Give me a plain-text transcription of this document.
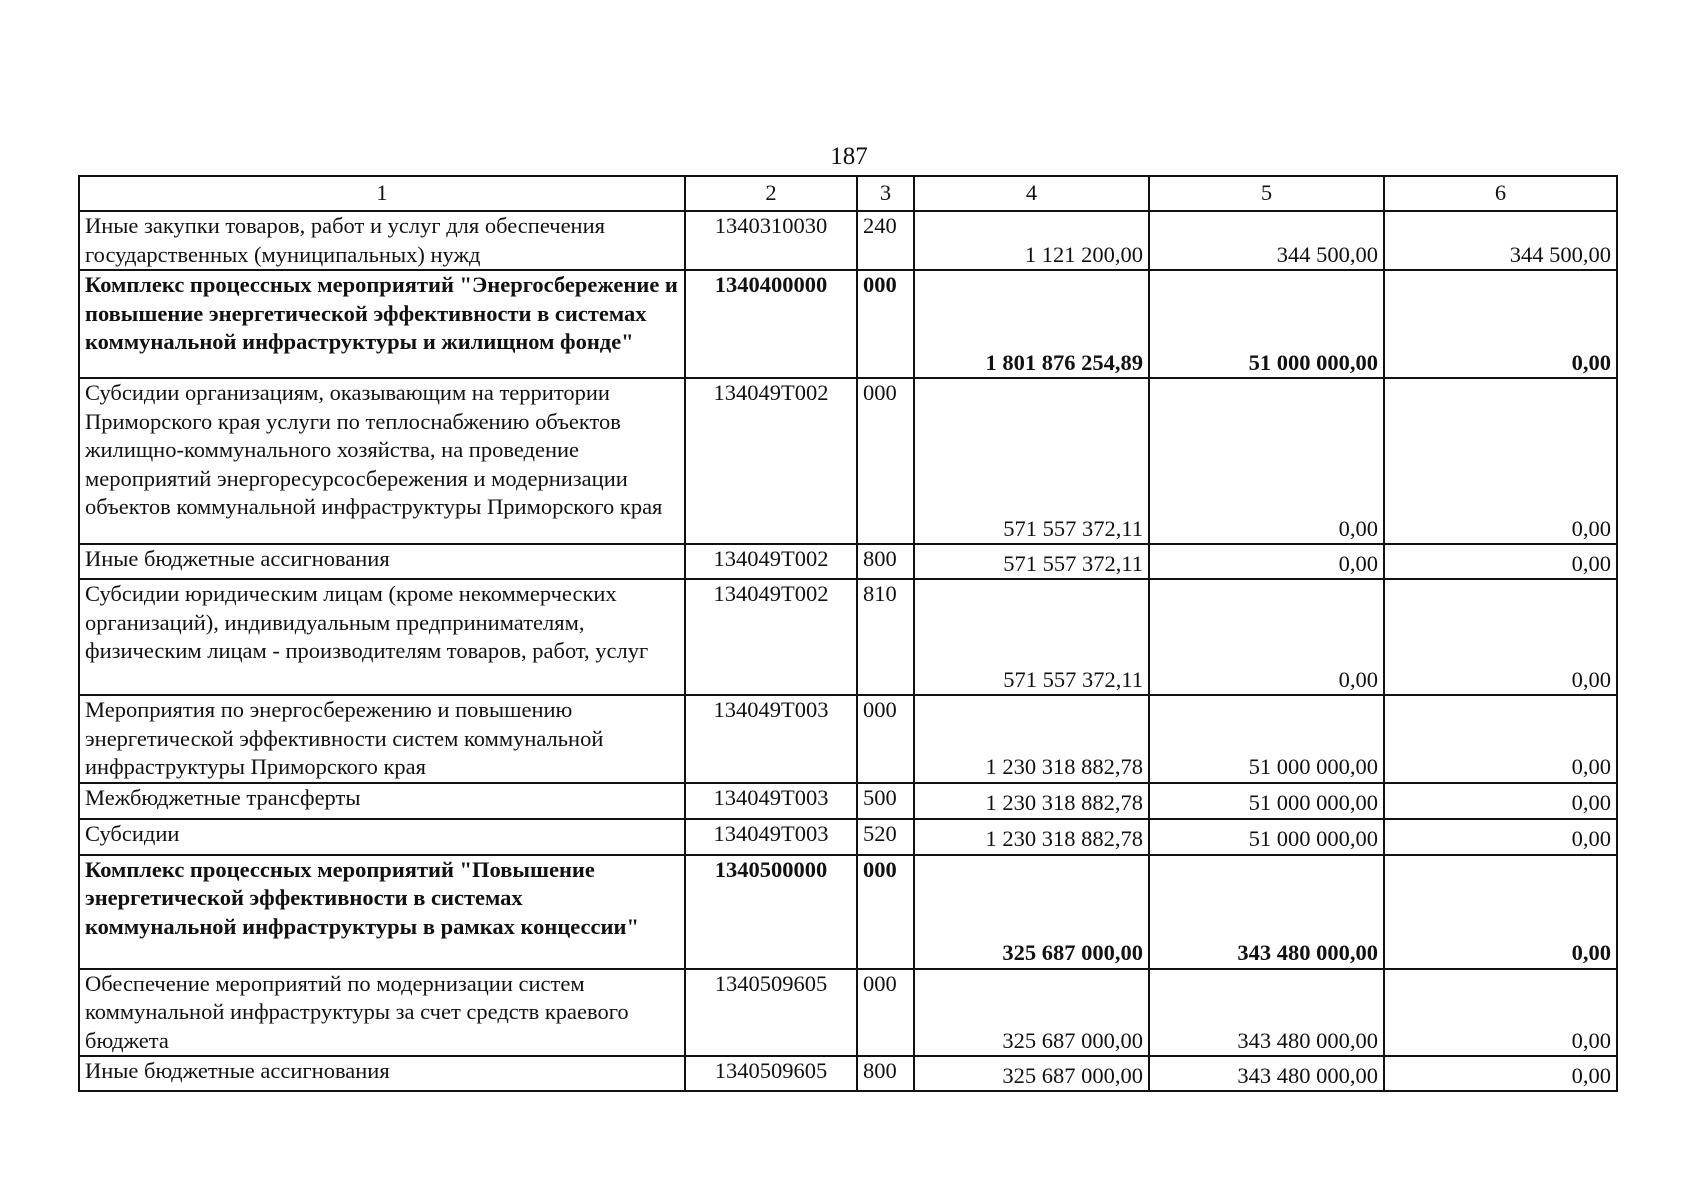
187
1	2	3	4	5	6
Иные закупки товаров, работ и услуг для обеспечения государственных (муниципальных) нужд	1340310030	240	1 121 200,00	344 500,00	344 500,00
Комплекс процессных мероприятий "Энергосбережение и повышение энергетической эффективности в системах коммунальной инфраструктуры и жилищном фонде"	1340400000	000	1 801 876 254,89	51 000 000,00	0,00
Субсидии организациям, оказывающим на территории Приморского края услуги по теплоснабжению объектов жилищно-коммунального хозяйства, на проведение мероприятий энергоресурсосбережения и модернизации объектов коммунальной инфраструктуры Приморского края	134049Т002	000	571 557 372,11	0,00	0,00
Иные бюджетные ассигнования	134049Т002	800	571 557 372,11	0,00	0,00
Субсидии юридическим лицам (кроме некоммерческих организаций), индивидуальным предпринимателям, физическим лицам - производителям товаров, работ, услуг	134049Т002	810	571 557 372,11	0,00	0,00
Мероприятия по энергосбережению и повышению энергетической эффективности систем коммунальной инфраструктуры Приморского края	134049Т003	000	1 230 318 882,78	51 000 000,00	0,00
Межбюджетные трансферты	134049Т003	500	1 230 318 882,78	51 000 000,00	0,00
Субсидии	134049Т003	520	1 230 318 882,78	51 000 000,00	0,00
Комплекс процессных мероприятий "Повышение энергетической эффективности в системах коммунальной инфраструктуры в рамках концессии"	1340500000	000	325 687 000,00	343 480 000,00	0,00
Обеспечение мероприятий по модернизации систем коммунальной инфраструктуры за счет средств краевого бюджета	1340509605	000	325 687 000,00	343 480 000,00	0,00
Иные бюджетные ассигнования	1340509605	800	325 687 000,00	343 480 000,00	0,00
